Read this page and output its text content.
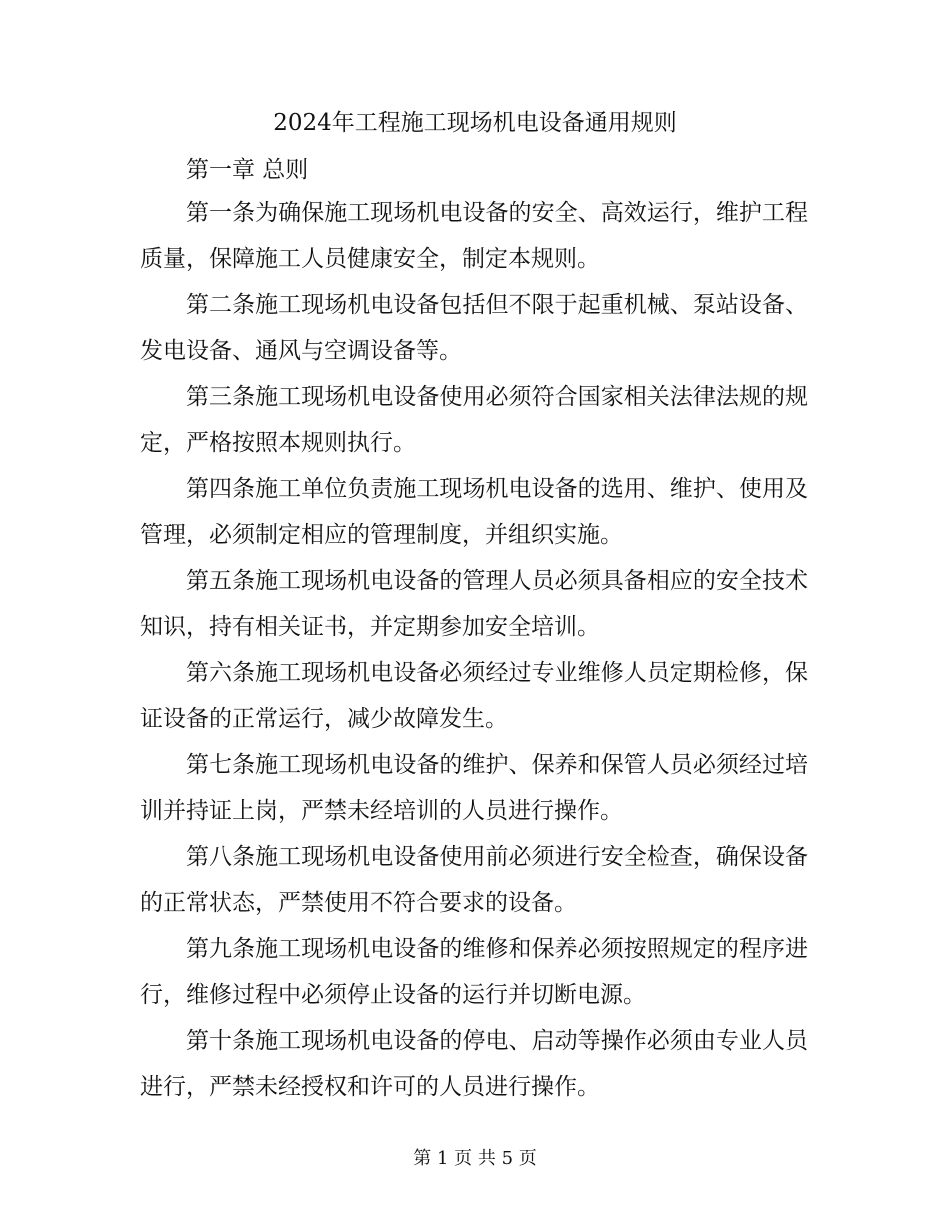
2024年工程施工现场机电设备通用规则

第一章 总则

第一条为确保施工现场机电设备的安全、高效运行，维护工程质量，保障施工人员健康安全，制定本规则。

第二条施工现场机电设备包括但不限于起重机械、泵站设备、发电设备、通风与空调设备等。

第三条施工现场机电设备使用必须符合国家相关法律法规的规定，严格按照本规则执行。

第四条施工单位负责施工现场机电设备的选用、维护、使用及管理，必须制定相应的管理制度，并组织实施。

第五条施工现场机电设备的管理人员必须具备相应的安全技术知识，持有相关证书，并定期参加安全培训。

第六条施工现场机电设备必须经过专业维修人员定期检修，保证设备的正常运行，减少故障发生。

第七条施工现场机电设备的维护、保养和保管人员必须经过培训并持证上岗，严禁未经培训的人员进行操作。

第八条施工现场机电设备使用前必须进行安全检查，确保设备的正常状态，严禁使用不符合要求的设备。

第九条施工现场机电设备的维修和保养必须按照规定的程序进行，维修过程中必须停止设备的运行并切断电源。

第十条施工现场机电设备的停电、启动等操作必须由专业人员进行，严禁未经授权和许可的人员进行操作。

第 1 页 共 5 页
